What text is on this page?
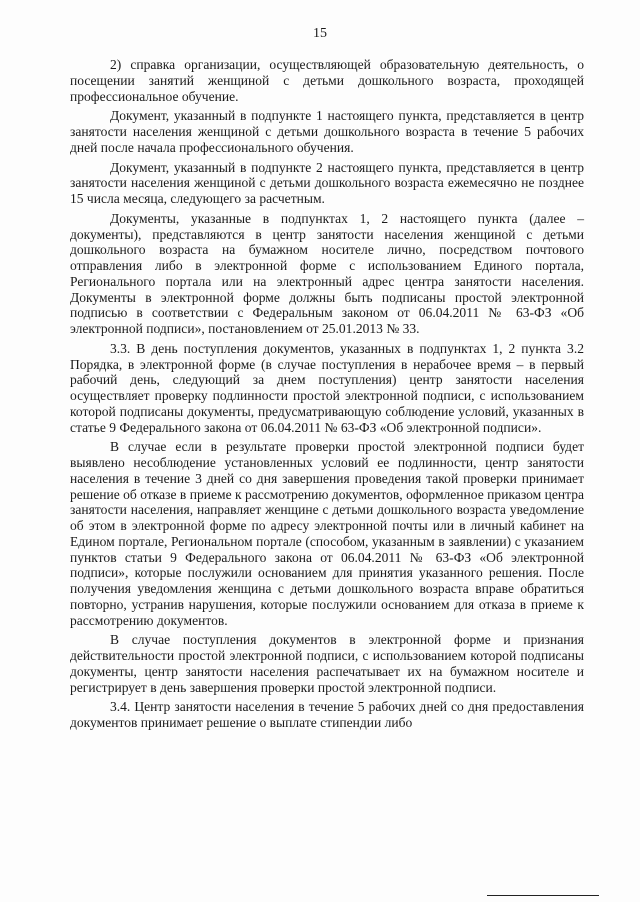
15

2) справка организации, осуществляющей образовательную деятельность, о посещении занятий женщиной с детьми дошкольного возраста, проходящей профессиональное обучение.

Документ, указанный в подпункте 1 настоящего пункта, представляется в центр занятости населения женщиной с детьми дошкольного возраста в течение 5 рабочих дней после начала профессионального обучения.

Документ, указанный в подпункте 2 настоящего пункта, представляется в центр занятости населения женщиной с детьми дошкольного возраста ежемесячно не позднее 15 числа месяца, следующего за расчетным.

Документы, указанные в подпунктах 1, 2 настоящего пункта (далее – документы), представляются в центр занятости населения женщиной с детьми дошкольного возраста на бумажном носителе лично, посредством почтового отправления либо в электронной форме с использованием Единого портала, Регионального портала или на электронный адрес центра занятости населения. Документы в электронной форме должны быть подписаны простой электронной подписью в соответствии с Федеральным законом от 06.04.2011 № 63-ФЗ «Об электронной подписи», постановлением от 25.01.2013 № 33.

3.3. В день поступления документов, указанных в подпунктах 1, 2 пункта 3.2 Порядка, в электронной форме (в случае поступления в нерабочее время – в первый рабочий день, следующий за днем поступления) центр занятости населения осуществляет проверку подлинности простой электронной подписи, с использованием которой подписаны документы, предусматривающую соблюдение условий, указанных в статье 9 Федерального закона от 06.04.2011 № 63-ФЗ «Об электронной подписи».

В случае если в результате проверки простой электронной подписи будет выявлено несоблюдение установленных условий ее подлинности, центр занятости населения в течение 3 дней со дня завершения проведения такой проверки принимает решение об отказе в приеме к рассмотрению документов, оформленное приказом центра занятости населения, направляет женщине с детьми дошкольного возраста уведомление об этом в электронной форме по адресу электронной почты или в личный кабинет на Едином портале, Региональном портале (способом, указанным в заявлении) с указанием пунктов статьи 9 Федерального закона от 06.04.2011 № 63-ФЗ «Об электронной подписи», которые послужили основанием для принятия указанного решения. После получения уведомления женщина с детьми дошкольного возраста вправе обратиться повторно, устранив нарушения, которые послужили основанием для отказа в приеме к рассмотрению документов.

В случае поступления документов в электронной форме и признания действительности простой электронной подписи, с использованием которой подписаны документы, центр занятости населения распечатывает их на бумажном носителе и регистрирует в день завершения проверки простой электронной подписи.

3.4. Центр занятости населения в течение 5 рабочих дней со дня предоставления документов принимает решение о выплате стипендии либо
